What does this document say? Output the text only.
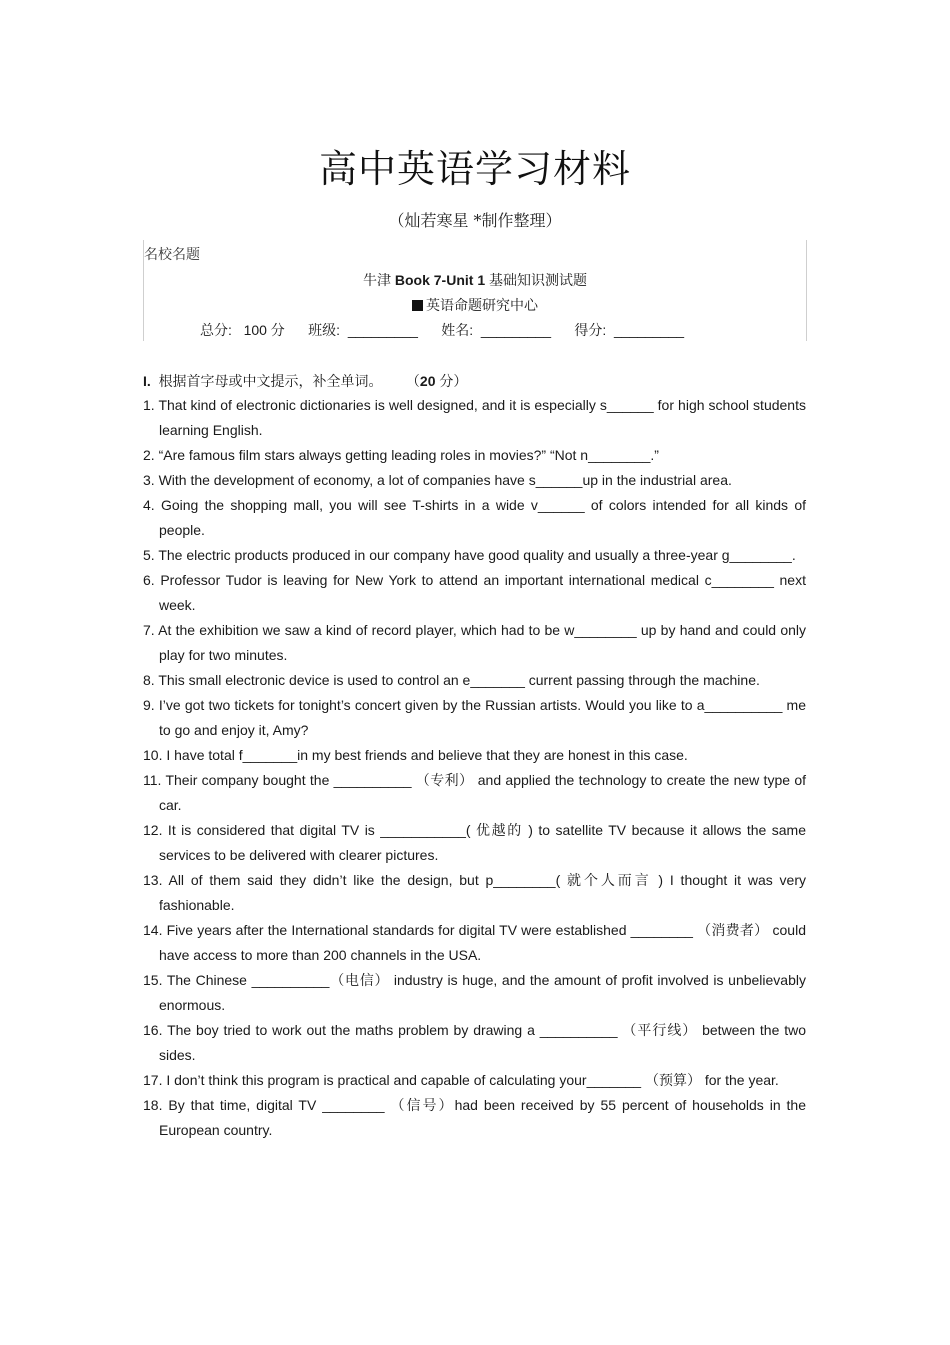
高中英语学习材料
（灿若寒星 *制作整理）
名校名题
牛津 Book 7-Unit 1 基础知识测试题
英语命题研究中心
总分: 100 分 班级: _________ 姓名: _________ 得分: _________
I. 根据首字母或中文提示，补全单词。 （20 分）
1. That kind of electronic dictionaries is well designed, and it is especially s______ for high school students learning English.
2. “Are famous film stars always getting leading roles in movies?” “Not n________.”
3. With the development of economy, a lot of companies have s______up in the industrial area.
4. Going the shopping mall, you will see T-shirts in a wide v______ of colors intended for all kinds of people.
5. The electric products produced in our company have good quality and usually a three-year g________.
6. Professor Tudor is leaving for New York to attend an important international medical c________ next week.
7. At the exhibition we saw a kind of record player, which had to be w________ up by hand and could only play for two minutes.
8. This small electronic device is used to control an e_______ current passing through the machine.
9. I’ve got two tickets for tonight’s concert given by the Russian artists. Would you like to a__________ me to go and enjoy it, Amy?
10. I have total f_______in my best friends and believe that they are honest in this case.
11. Their company bought the __________ （专利） and applied the technology to create the new type of car.
12. It is considered that digital TV is ___________( 优越的 ) to satellite TV because it allows the same services to be delivered with clearer pictures.
13. All of them said they didn’t like the design, but p________( 就个人而言 ) I thought it was very fashionable.
14. Five years after the International standards for digital TV were established ________ （消费者） could have access to more than 200 channels in the USA.
15. The Chinese __________（电信） industry is huge, and the amount of profit involved is unbelievably enormous.
16. The boy tried to work out the maths problem by drawing a __________ （平行线） between the two sides.
17. I don’t think this program is practical and capable of calculating your_______ （预算） for the year.
18. By that time, digital TV ________ （信号）had been received by 55 percent of households in the European country.
